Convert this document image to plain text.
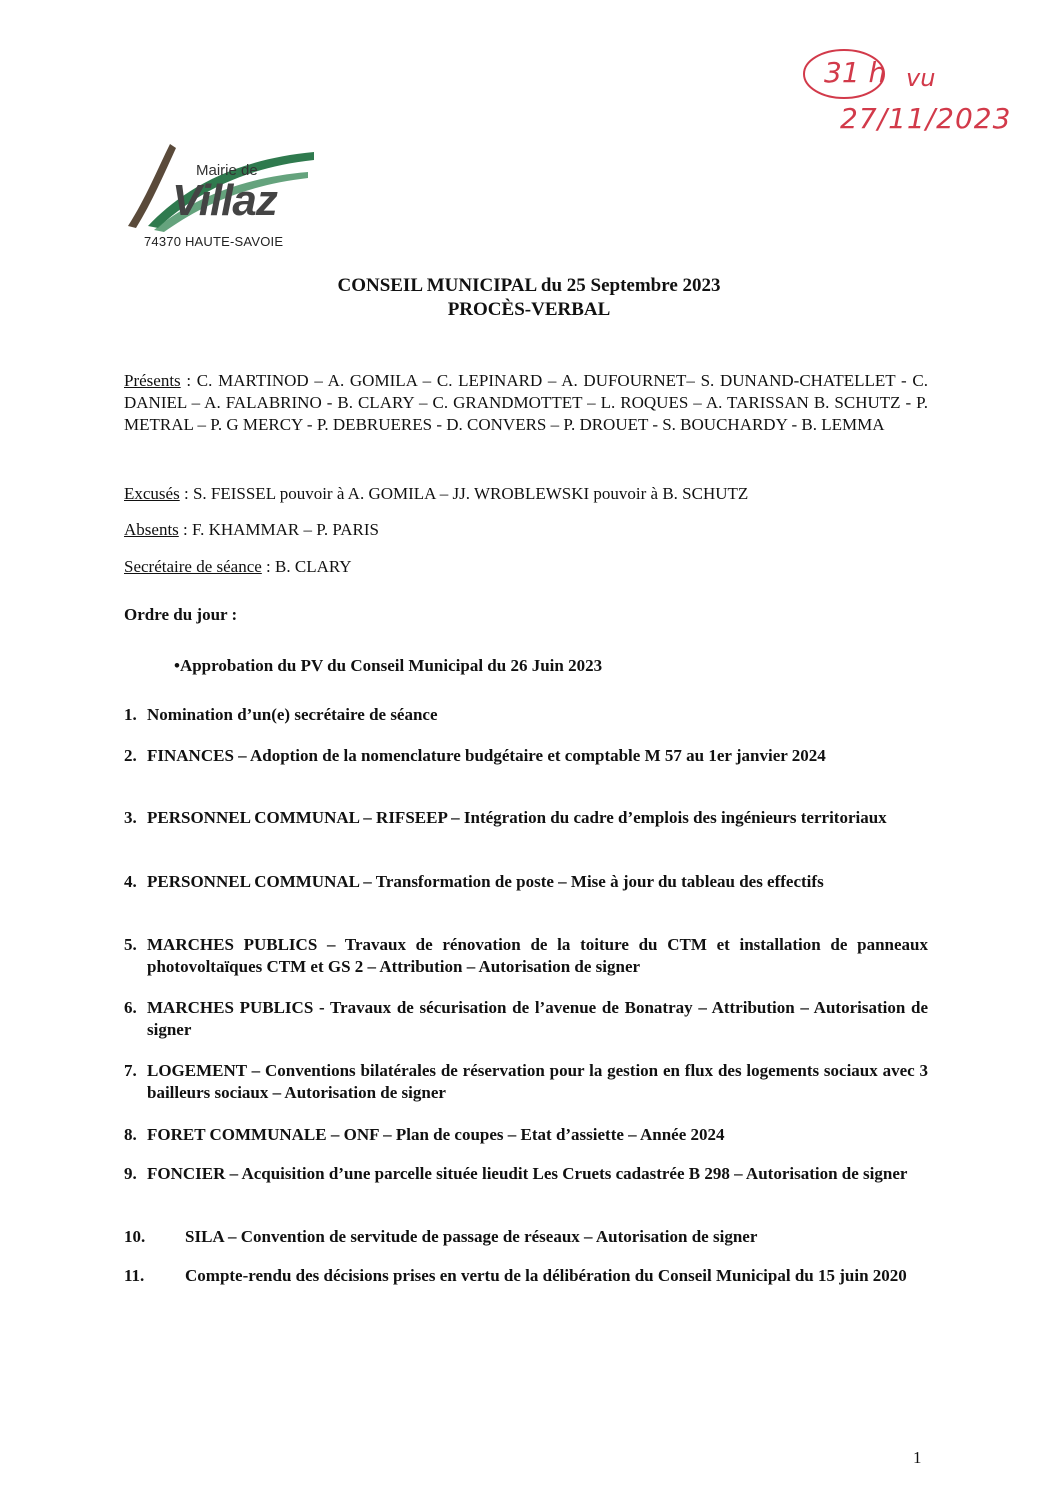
Mairie de
Villaz
74370 HAUTE-SAVOIE
31 h vu
27/11/2023
CONSEIL MUNICIPAL du 25 Septembre 2023
PROCÈS-VERBAL
Présents : C. MARTINOD – A. GOMILA – C. LEPINARD – A. DUFOURNET– S. DUNAND-CHATELLET - C. DANIEL – A. FALABRINO - B. CLARY – C. GRANDMOTTET – L. ROQUES – A. TARISSAN B. SCHUTZ - P. METRAL – P. G MERCY - P. DEBRUERES - D. CONVERS – P. DROUET - S. BOUCHARDY - B. LEMMA
Excusés : S. FEISSEL pouvoir à A. GOMILA – JJ. WROBLEWSKI pouvoir à B. SCHUTZ
Absents : F. KHAMMAR – P. PARIS
Secrétaire de séance : B. CLARY
Ordre du jour :
•Approbation du PV du Conseil Municipal du 26 Juin 2023
1. Nomination d’un(e) secrétaire de séance
2. FINANCES – Adoption de la nomenclature budgétaire et comptable M 57 au 1er janvier 2024
3. PERSONNEL COMMUNAL – RIFSEEP – Intégration du cadre d’emplois des ingénieurs territoriaux
4. PERSONNEL COMMUNAL – Transformation de poste – Mise à jour du tableau des effectifs
5. MARCHES PUBLICS – Travaux de rénovation de la toiture du CTM et installation de panneaux photovoltaïques CTM et GS 2 – Attribution – Autorisation de signer
6. MARCHES PUBLICS - Travaux de sécurisation de l’avenue de Bonatray – Attribution – Autorisation de signer
7. LOGEMENT – Conventions bilatérales de réservation pour la gestion en flux des logements sociaux avec 3 bailleurs sociaux – Autorisation de signer
8. FORET COMMUNALE – ONF – Plan de coupes – Etat d’assiette – Année 2024
9. FONCIER – Acquisition d’une parcelle située lieudit Les Cruets cadastrée B 298 – Autorisation de signer
10.	SILA – Convention de servitude de passage de réseaux – Autorisation de signer
11.	Compte-rendu des décisions prises en vertu de la délibération du Conseil Municipal du 15 juin 2020
1
